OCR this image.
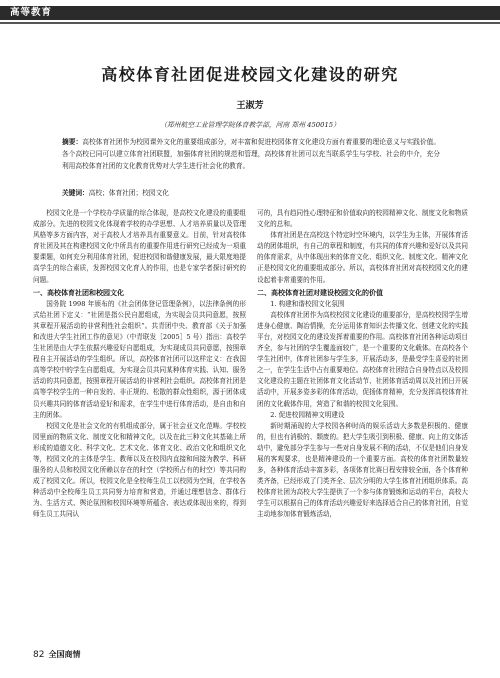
高等教育
高校体育社团促进校园文化建设的研究
王淑芳
（郑州航空工业管理学院体育教学部，河南 郑州 450015）
摘要：高校体育社团作为校园课外文化的重要组成部分，对丰富和促进校园体育文化建设方面有着重要的理论意义与实践价值。各个高校已同可以建立体育社团联盟，加强体育社团的规范和管理，高校体育社团可以充当联系学生与学校、社会的中介，充分利用高校体育社团的文化教育优势对大学生进行社会化的教育。
关键词：高校；体育社团；校园文化

校园文化是一个学校办学质量的综合体现，是高校文化建设的重要组成部分。先进的校园文化体现着学校的办学思想、人才培养质量以及管理风格等多方面内容，对于高校人才培养具有重要意义。目前，针对高校体育社团及其在构建校园文化中所具有的重要作用进行研究已经成为一项重要课题，如何充分利用体育社团，促进校园和谐健康发展，最大限度地提高学生的综合素质，发挥校园文化育人的作用，也是专家学者探讨研究的问题。

一、高校体育社团和校园文化

国务院 1998 年颁布的《社会团体登记管理条例》，以法律条例的形式给社团下定义：“社团是指公民自愿组成，为实现会员共同意愿，按照其章程开展活动的非营利性社会组织”。共青团中央、教育部《关于加强和改进大学生社团工作的意见》（中青联发［2005］5 号）指出：高校学生社团是由大学生依据兴趣爱好自愿组成，为实现成员共同意愿，按照章程自主开展活动的学生组织。所以，高校体育社团可以这样定义：在我国高等学校中的学生自愿组成，为实现会员共同某种体育实践、认知、服务活动的共同意愿，按照章程开展活动的非营利社会组织。高校体育社团是高等学校学生的一种自发的、非正规的、松散的群众性组织，源于团体成员兴趣共同的体育活动爱好和需求，在学生中进行体育活动，是自由和自主的团体。

校园文化是社会文化的有机组成部分，属于社会亚文化范畴。学校校园里面的物质文化、制度文化和精神文化，以及在此三种文化其基础上所形成的道德文化、科学文化、艺术文化、体育文化、政治文化和组织文化等，校园文化的主体是学生、教师以及在校园内直接和间接为教学、科研服务的人员和校园文化所赖以存在的时空（学校所占有的时空）等共同构成了校园文化。所以，校园文化是全校师生员工以校园为空间，在学校各种活动中全校师生员工共同努力培育和营造，并通过理想信念、群体行为、生活方式、舆论氛围和校园环境等所蕴含、表达或体现出来的，得到师生员工共同认

可的，具有趋同性心理特征和价值取向的校园精神文化、制度文化和物质文化的总和。

体育社团是在高校这个特定时空环境内，以学生为主体，开展体育活动的团体组织，有自己的章程和制度，有共同的体育兴趣和爱好以及共同的体育需求，从中体现出来的体育文化、组织文化、制度文化、精神文化正是校园文化的重要组成部分。所以，高校体育社团对高校校园文化的建设起着非常重要的作用。

二、高校体育社团对建设校园文化的价值
1. 构建和谐校园文化氛围

高校体育社团作为高校校园文化建设的重要部分，是高校校园学生增进身心健康、陶冶情操，充分运用体育知识去传播文化、创建文化的实践平台，对校园文化的建设发挥着重要的作用。高校体育社团各种运动项目齐全，参与社团的学生覆盖面较广，是一个重要的文化载体。在高校各个学生社团中，体育社团参与学生多，开展活动多，是最受学生喜爱的社团之一，在学生生活中占有重要地位。高校体育社团结合自身特点以及校园文化建设的主题在社团体育文化活动节、社团体育活动周以及社团日开展活动中，开展多姿多彩的体育活动，促扬体育精神，充分发挥高校体育社团的文化载体作用，营造了和谐的校园文化氛围。

2. 促进校园精神文明建设

新时期涌现的大学校园各种时尚的娱乐活动大多数是积极的、健康的，但也有消极的、颓废的。把大学生吸引到积极、健康、向上的文体活动中，避免部分学生参与一些对自身发展不利的活动，不仅是他们自身发展的客观要求，也是精神建设的一个重要方面。高校的体育社团数量较多，各种体育活动丰富多彩，各项体育比赛日程安排较全面，各个体育种类齐备，已经形成了门类齐全、层次分明的大学生体育社团组织体系。高校体育社团为高校大学生提供了一个参与体育锻炼和运动的平台，高校大学生可以根据自己的体育活动兴趣爱好来选择适合自己的体育社团，自觉主动地参加体育锻炼活动，

82 全国商情
